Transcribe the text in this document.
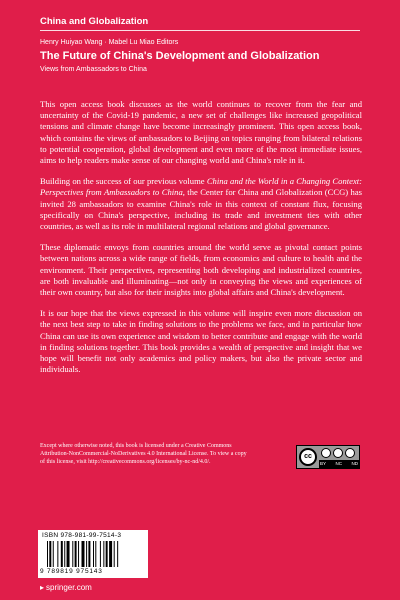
China and Globalization
Henry Huiyao Wang · Mabel Lu Miao Editors
The Future of China's Development and Globalization
Views from Ambassadors to China

This open access book discusses as the world continues to recover from the fear and uncertainty of the Covid-19 pandemic, a new set of challenges like increased geopolitical tensions and climate change have become increasingly prominent. This open access book, which contains the views of ambassadors to Beijing on topics ranging from bilateral relations to potential cooperation, global development and even more of the most immediate issues, aims to help readers make sense of our changing world and China's role in it.

Building on the success of our previous volume China and the World in a Changing Context: Perspectives from Ambassadors to China, the Center for China and Globalization (CCG) has invited 28 ambassadors to examine China's role in this context of constant flux, focusing specifically on China's perspective, including its trade and investment ties with other countries, as well as its role in multilateral regional relations and global governance.

These diplomatic envoys from countries around the world serve as pivotal contact points between nations across a wide range of fields, from economics and culture to health and the environment. Their perspectives, representing both developing and industrialized countries, are both invaluable and illuminating—not only in conveying the views and experiences of their own country, but also for their insights into global affairs and China's development.

It is our hope that the views expressed in this volume will inspire even more discussion on the next best step to take in finding solutions to the problems we face, and in particular how China can use its own experience and wisdom to better contribute and engage with the world in finding solutions together. This book provides a wealth of perspective and insight that we hope will benefit not only academics and policy makers, but also the private sector and individuals.

Except where otherwise noted, this book is licensed under a Creative Commons Attribution-NonCommercial-NoDerivatives 4.0 International License. To view a copy of this license, visit http://creativecommons.org/licenses/by-nc-nd/4.0/.

cc
BY NC ND
ISBN 978-981-99-7514-3
9 789819 975143
▸ springer.com
